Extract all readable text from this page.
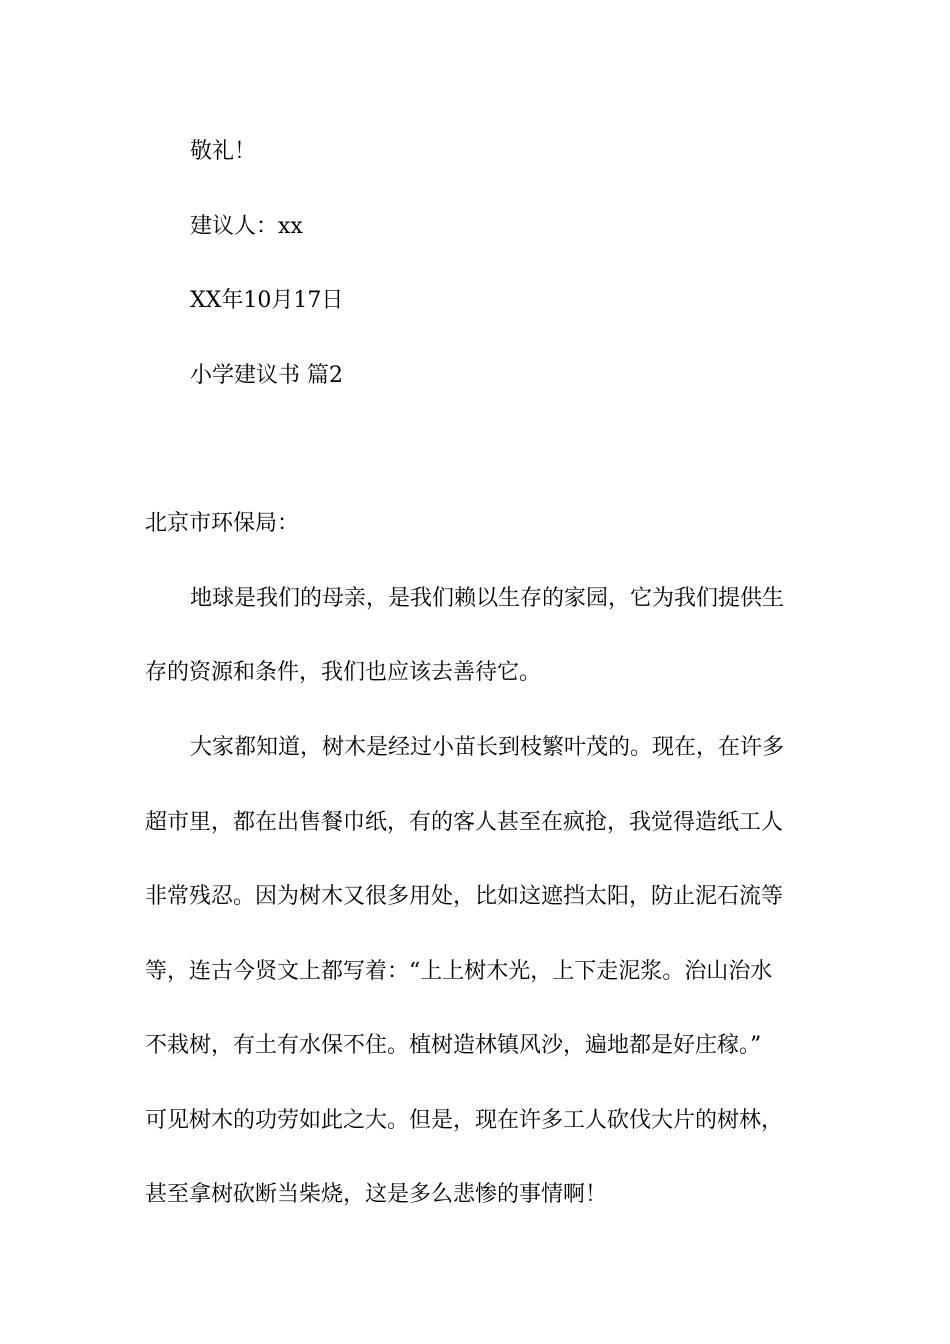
敬礼！
建议人：xx
XX年10月17日
小学建议书 篇2
北京市环保局：
地球是我们的母亲，是我们赖以生存的家园，它为我们提供生
存的资源和条件，我们也应该去善待它。
大家都知道，树木是经过小苗长到枝繁叶茂的。现在，在许多
超市里，都在出售餐巾纸，有的客人甚至在疯抢，我觉得造纸工人
非常残忍。因为树木又很多用处，比如这遮挡太阳，防止泥石流等
等，连古今贤文上都写着：“上上树木光，上下走泥浆。治山治水
不栽树，有土有水保不住。植树造林镇风沙，遍地都是好庄稼。”
可见树木的功劳如此之大。但是，现在许多工人砍伐大片的树林，
甚至拿树砍断当柴烧，这是多么悲惨的事情啊！
